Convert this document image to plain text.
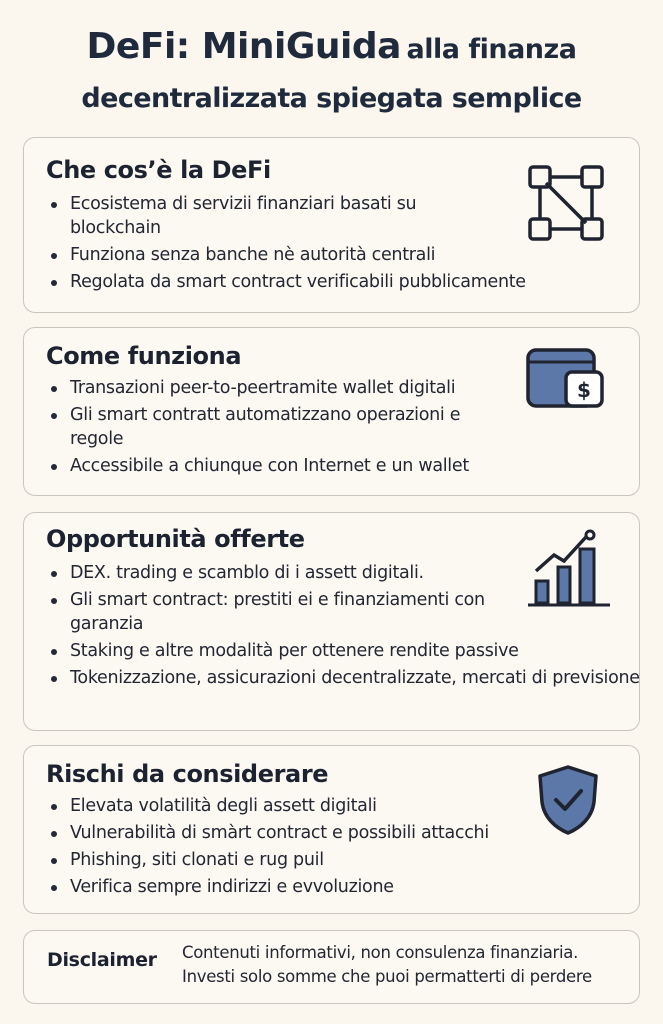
DeFi: MiniGuida alla finanza
decentralizzata spiegata semplice
Che cos’è la DeFi
Ecosistema di servizii finanziari basati su blockchain
Funziona senza banche nè autorità centrali
Regolata da smart contract verificabili pubblicamente
Come funziona
Transazioni peer-to-peertramite wallet digitali
Gli smart contratt automatizzano operazioni e regole
Accessibile a chiunque con Internet e un wallet
$
Opportunità offerte
DEX. trading e scamblo di i assett digitali.
Gli smart contract: prestiti ei e finanziamenti con garanzia
Staking e altre modalità per ottenere rendite passive
Tokenizzazione, assicurazioni decentralizzate, mercati di previsione
Rischi da considerare
Elevata volatilità degli assett digitali
Vulnerabilità di smàrt contract e possibili attacchi
Phishing, siti clonati e rug puil
Verifica sempre indirizzi e evvoluzione
Disclaimer Contenuti informativi, non consulenza finanziaria.
Investi solo somme che puoi permatterti di perdere
